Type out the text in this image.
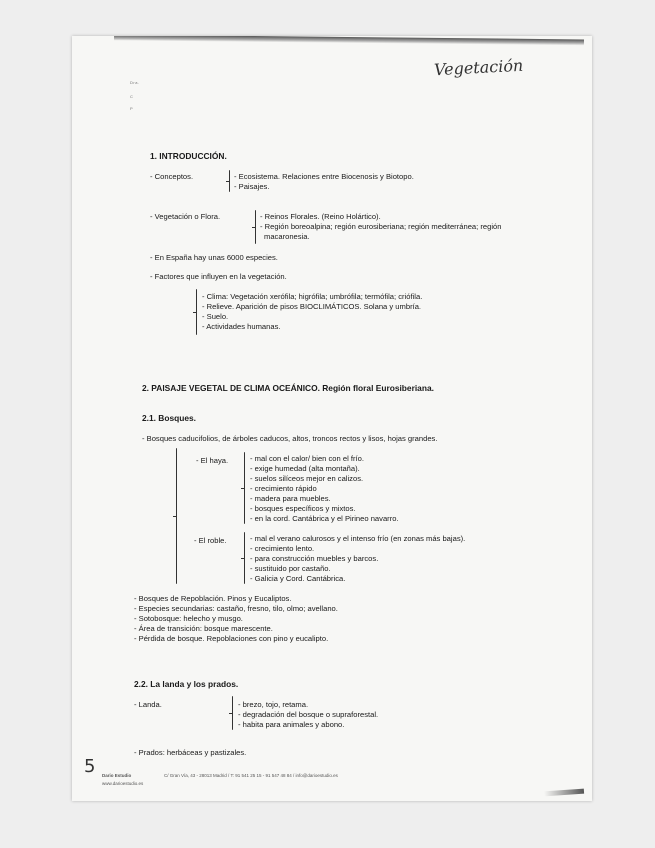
Vegetación
Dra.
C
P
1. INTRODUCCIÓN.
- Conceptos.	- Ecosistema. Relaciones entre Biocenosis y Biotopo.
- Paisajes.
- Vegetación o Flora.	- Reinos Florales. (Reino Holártico).
- Región boreoalpina; región eurosiberiana; región mediterránea; región
macaronesia.
- En España hay unas 6000 especies.
- Factores que influyen en la vegetación.
- Clima: Vegetación xerófila; higrófila; umbrófila; termófila; criófila.
- Relieve. Aparición de pisos BIOCLIMÁTICOS. Solana y umbría.
- Suelo.
- Actividades humanas.
2. PAISAJE VEGETAL DE CLIMA OCEÁNICO. Región floral Eurosiberiana.
2.1. Bosques.
- Bosques caducifolios, de árboles caducos, altos, troncos rectos y lisos, hojas grandes.
- El haya.	- mal con el calor/ bien con el frío.
- exige humedad (alta montaña).
- suelos silíceos mejor en calizos.
- crecimiento rápido
- madera para muebles.
- bosques específicos y mixtos.
- en la cord. Cantábrica y el Pirineo navarro.
- El roble.	- mal el verano calurosos y el intenso frío (en zonas más bajas).
- crecimiento lento.
- para construcción muebles y barcos.
- sustituido por castaño.
- Galicia y Cord. Cantábrica.
- Bosques de Repoblación. Pinos y Eucaliptos.
- Especies secundarias: castaño, fresno, tilo, olmo; avellano.
- Sotobosque: helecho y musgo.
- Área de transición: bosque marescente.
- Pérdida de bosque. Repoblaciones con pino y eucalipto.
2.2. La landa y los prados.
- Landa.	- brezo, tojo, retama.
- degradación del bosque o supraforestal.
- habita para animales y abono.
- Prados: herbáceas y pastizales.
5 Dario Estudio
www.darioestudio.es
C/ Gran Vía, 43 - 28013 Madrid / T: 91 541 25 15 - 91 547 48 84 / info@darioestudio.es
